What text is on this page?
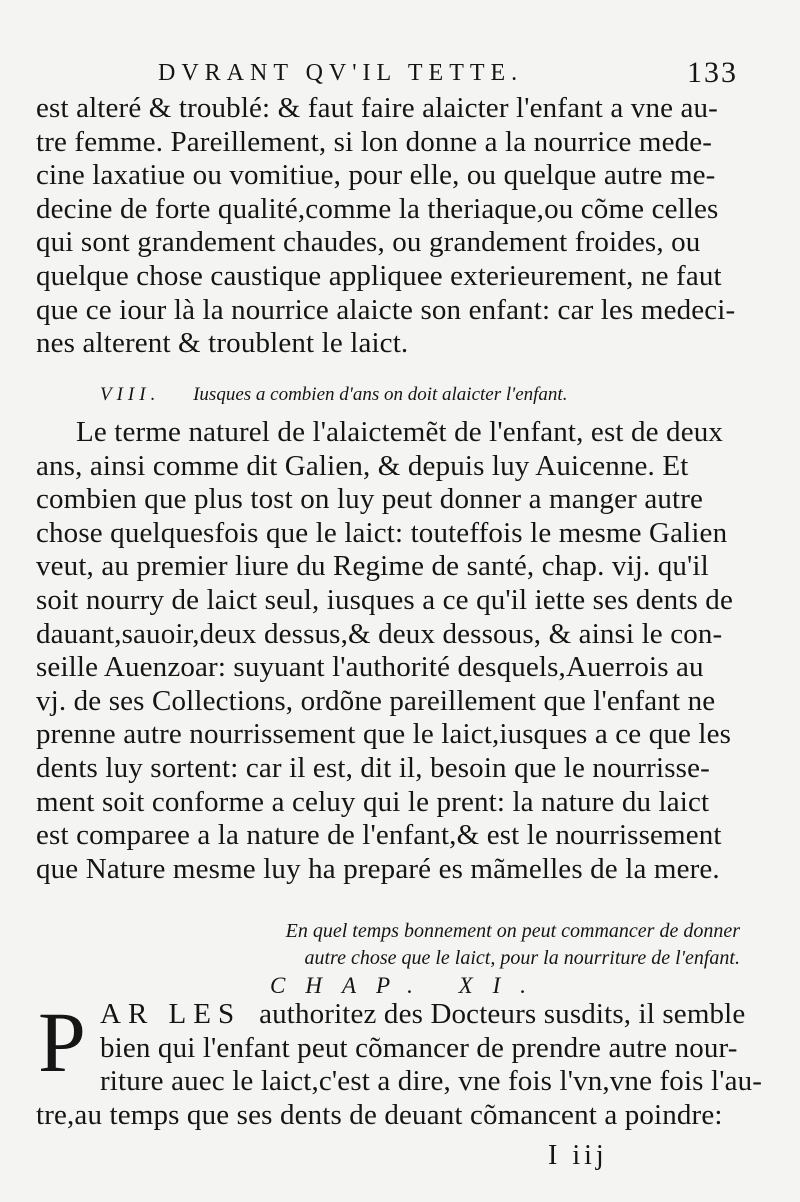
DVRANT QV'IL TETTE.	133
est alteré & troublé: & faut faire alaicter l'enfant a vne au-
tre femme. Pareillement, si lon donne a la nourrice mede-
cine laxatiue ou vomitiue, pour elle, ou quelque autre me-
decine de forte qualité,comme la theriaque,ou cõme celles
qui sont grandement chaudes, ou grandement froides, ou
quelque chose caustique appliquee exterieurement, ne faut
que ce iour là la nourrice alaicte son enfant: car les medeci-
nes alterent & troublent le laict.
VIII. Iusques a combien d'ans on doit alaicter l'enfant.
Le terme naturel de l'alaictemẽt de l'enfant, est de deux
ans, ainsi comme dit Galien, & depuis luy Auicenne. Et
combien que plus tost on luy peut donner a manger autre
chose quelquesfois que le laict: touteffois le mesme Galien
veut, au premier liure du Regime de santé, chap. vij. qu'il
soit nourry de laict seul, iusques a ce qu'il iette ses dents de
dauant,sauoir,deux dessus,& deux dessous, & ainsi le con-
seille Auenzoar: suyuant l'authorité desquels,Auerrois au
vj. de ses Collections, ordõne pareillement que l'enfant ne
prenne autre nourrissement que le laict,iusques a ce que les
dents luy sortent: car il est, dit il, besoin que le nourrisse-
ment soit conforme a celuy qui le prent: la nature du laict
est comparee a la nature de l'enfant,& est le nourrissement
que Nature mesme luy ha preparé es mãmelles de la mere.
En quel temps bonnement on peut commancer de donner
autre chose que le laict, pour la nourriture de l'enfant.
CHAP. XI.
P AR LES authoritez des Docteurs susdits, il semble
bien qui l'enfant peut cõmancer de prendre autre nour-
riture auec le laict,c'est a dire, vne fois l'vn,vne fois l'au-
tre,au temps que ses dents de deuant cõmancent a poindre:
I iij
